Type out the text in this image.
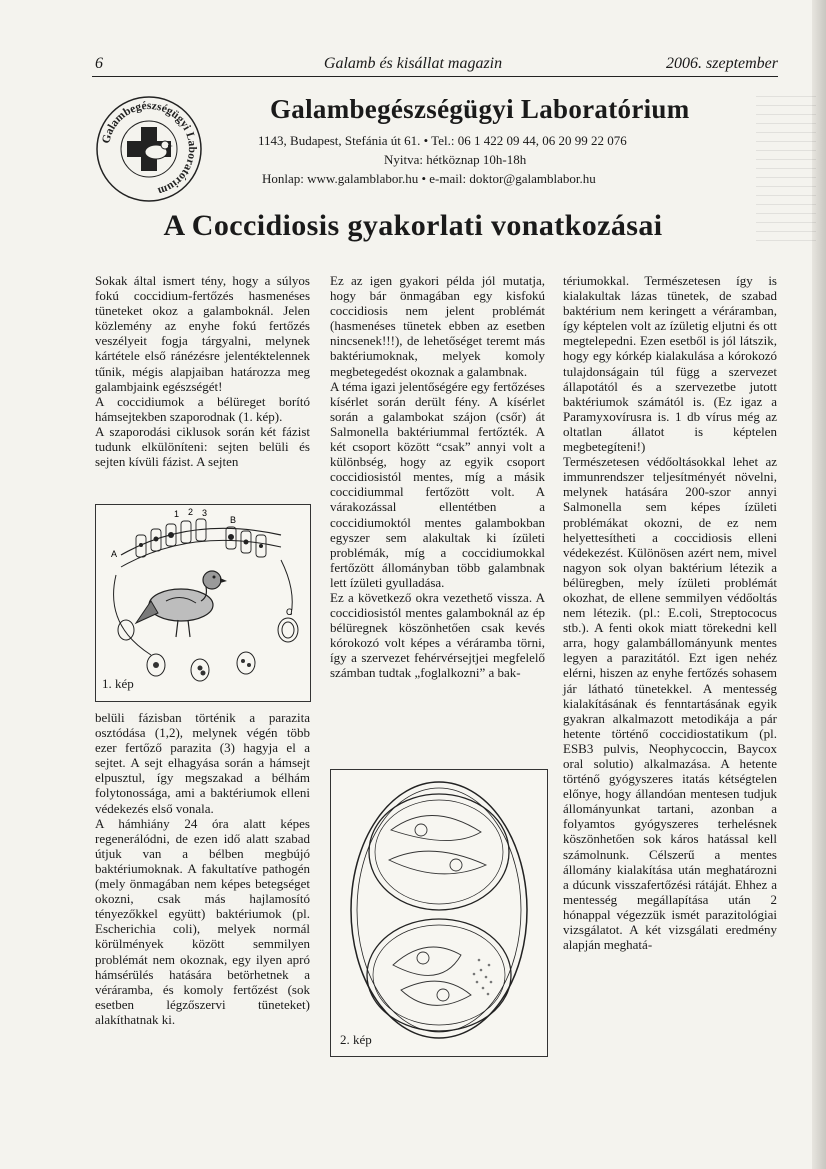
6	Galamb és kisállat magazin	2006. szeptember
Galambegészségügyi Laboratórium
Galambegészségügyi Laboratórium
1143, Budapest, Stefánia út 61. • Tel.: 06 1 422 09 44, 06 20 99 22 076
Nyitva: hétköznap 10h-18h
Honlap: www.galamblabor.hu • e-mail: doktor@galamblabor.hu
A Coccidiosis gyakorlati vonatkozásai

Sokak által ismert tény, hogy a súlyos fokú coccidium-fertőzés hasmenéses tüneteket okoz a galamboknál. Jelen közlemény az enyhe fokú fertőzés veszélyeit fogja tárgyalni, melynek kártétele első ránézésre jelentéktelennek tűnik, mégis alapjaiban határozza meg galambjaink egészségét!

A coccidiumok a bélüreget borító hámsejtekben szaporodnak (1. kép).

A szaporodási ciklusok során két fázist tudunk elkülöníteni: sejten belüli és sejten kívüli fázist. A sejten

1 2 3
A
B
C
1. kép

belüli fázisban történik a parazita osztódása (1,2), melynek végén több ezer fertőző parazita (3) hagyja el a sejtet. A sejt elhagyása során a hámsejt elpusztul, így megszakad a bélhám folytonossága, ami a baktériumok elleni védekezés első vonala.

A hámhiány 24 óra alatt képes regenerálódni, de ezen idő alatt szabad útjuk van a bélben megbújó baktériumoknak. A fakultatíve pathogén (mely önmagában nem képes betegséget okozni, csak más hajlamosító tényezőkkel együtt) baktériumok (pl. Escherichia coli), melyek normál körülmények között semmilyen problémát nem okoznak, egy ilyen apró hámsérülés hatására betörhetnek a véráramba, és komoly fertőzést (sok esetben légzőszervi tüneteket) alakíthatnak ki.

Ez az igen gyakori példa jól mutatja, hogy bár önmagában egy kisfokú coccidiosis nem jelent problémát (hasmenéses tünetek ebben az esetben nincsenek!!!), de lehetőséget teremt más baktériumoknak, melyek komoly megbetegedést okoznak a galambnak.

A téma igazi jelentőségére egy fertőzéses kísérlet során derült fény. A kísérlet során a galambokat szájon (csőr) át Salmonella baktériummal fertőzték. A két csoport között “csak” annyi volt a különbség, hogy az egyik csoport coccidiosistól mentes, míg a másik coccidiummal fertőzött volt. A várakozással ellentétben a coccidiumoktól mentes galambokban egyszer sem alakultak ki ízületi problémák, míg a coccidiumokkal fertőzött állományban több galambnak lett ízületi gyulladása.

Ez a következő okra vezethető vissza. A coccidiosistól mentes galamboknál az ép bélüregnek köszönhetően csak kevés kórokozó volt képes a véráramba törni, így a szervezet fehérvérsejtjei megfelelő számban tudtak „foglalkozni” a bak-

2. kép

tériumokkal. Természetesen így is kialakultak lázas tünetek, de szabad baktérium nem keringett a véráramban, így képtelen volt az ízületig eljutni és ott megtelepedni. Ezen esetből is jól látszik, hogy egy kórkép kialakulása a kórokozó tulajdonságain túl függ a szervezet állapotától és a szervezetbe jutott baktériumok számától is. (Ez igaz a Paramyxovírusra is. 1 db vírus még az oltatlan állatot is képtelen megbetegíteni!)

Természetesen védőoltásokkal lehet az immunrendszer teljesítményét növelni, melynek hatására 200-szor annyi Salmonella sem képes ízületi problémákat okozni, de ez nem helyettesítheti a coccidiosis elleni védekezést. Különösen azért nem, mivel nagyon sok olyan baktérium létezik a bélüregben, mely ízületi problémát okozhat, de ellene semmilyen védőoltás nem létezik. (pl.: E.coli, Streptococus stb.). A fenti okok miatt törekedni kell arra, hogy galambállományunk mentes legyen a parazitától. Ezt igen nehéz elérni, hiszen az enyhe fertőzés sohasem jár látható tünetekkel. A mentesség kialakításának és fenntartásának egyik gyakran alkalmazott metodikája a pár hetente történő coccidiostatikum (pl. ESB3 pulvis, Neophycoccin, Baycox oral solutio) alkalmazása. A hetente történő gyógyszeres itatás kétségtelen előnye, hogy állandóan mentesen tudjuk állományunkat tartani, azonban a folyamtos gyógyszeres terhelésnek köszönhetően sok káros hatással kell számolnunk. Célszerű a mentes állomány kialakítása után meghatározni a dúcunk visszafertőzési rátáját. Ehhez a mentesség megállapítása után 2 hónappal végezzük ismét parazitológiai vizsgálatot. A két vizsgálati eredmény alapján meghatá-
